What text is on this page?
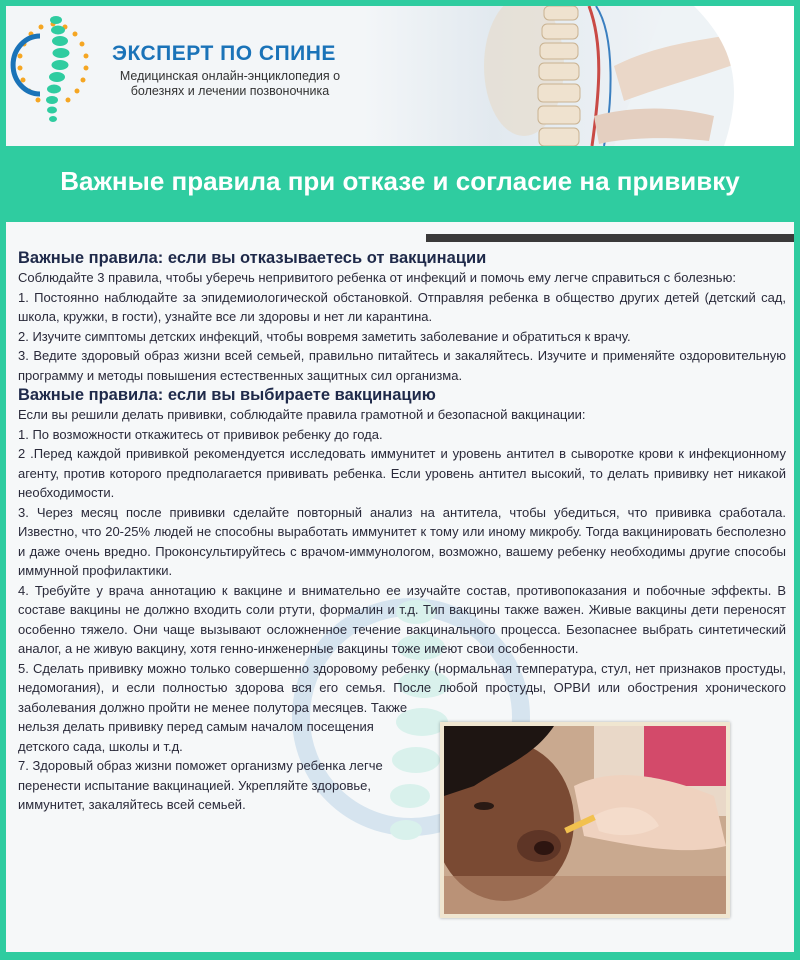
ЭКСПЕРТ ПО СПИНЕ
Медицинская онлайн-энциклопедия о болезнях и лечении позвоночника
Важные правила при отказе и согласие на прививку
Важные правила: если вы отказываетесь от вакцинации

Соблюдайте 3 правила, чтобы уберечь непривитого ребенка от инфекций и помочь ему легче справиться с болезнью:

1. Постоянно наблюдайте за эпидемиологической обстановкой. Отправляя ребенка в общество других детей (детский сад, школа, кружки, в гости), узнайте все ли здоровы и нет ли карантина.

2. Изучите симптомы детских инфекций, чтобы вовремя заметить заболевание и обратиться к врачу.

3. Ведите здоровый образ жизни всей семьей, правильно питайтесь и закаляйтесь. Изучите и применяйте оздоровительную программу и методы повышения естественных защитных сил организма.

Важные правила: если вы выбираете вакцинацию

Если вы решили делать прививки, соблюдайте правила грамотной и безопасной вакцинации:

1. По возможности откажитесь от прививок ребенку до года.

2 .Перед каждой прививкой рекомендуется исследовать иммунитет и уровень антител в сыворотке крови к инфекционному агенту, против которого предполагается прививать ребенка. Если уровень антител высокий, то делать прививку нет никакой необходимости.

3. Через месяц после прививки сделайте повторный анализ на антитела, чтобы убедиться, что прививка сработала. Известно, что 20-25% людей не способны выработать иммунитет к тому или иному микробу. Тогда вакцинировать бесполезно и даже очень вредно. Проконсультируйтесь с врачом-иммунологом, возможно, вашему ребенку необходимы другие способы иммунной профилактики.

4. Требуйте у врача аннотацию к вакцине и внимательно ее изучайте состав, противопоказания и побочные эффекты. В составе вакцины не должно входить соли ртути, формалин и т.д. Тип вакцины также важен. Живые вакцины дети переносят особенно тяжело. Они чаще вызывают осложненное течение вакцинального процесса. Безопаснее выбрать синтетический аналог, а не живую вакцину, хотя генно-инженерные вакцины тоже имеют свои особенности.

5. Сделать прививку можно только совершенно здоровому ребенку (нормальная температура, стул, нет признаков простуды, недомогания), и если полностью здорова вся его семья. После любой простуды, ОРВИ или обострения хронического заболевания должно пройти не менее полутора месяцев. Также

нельзя делать прививку перед самым началом посещения детского сада, школы и т.д.

7. Здоровый образ жизни поможет организму ребенка легче перенести испытание вакцинацией. Укрепляйте здоровье, иммунитет, закаляйтесь всей семьей.
